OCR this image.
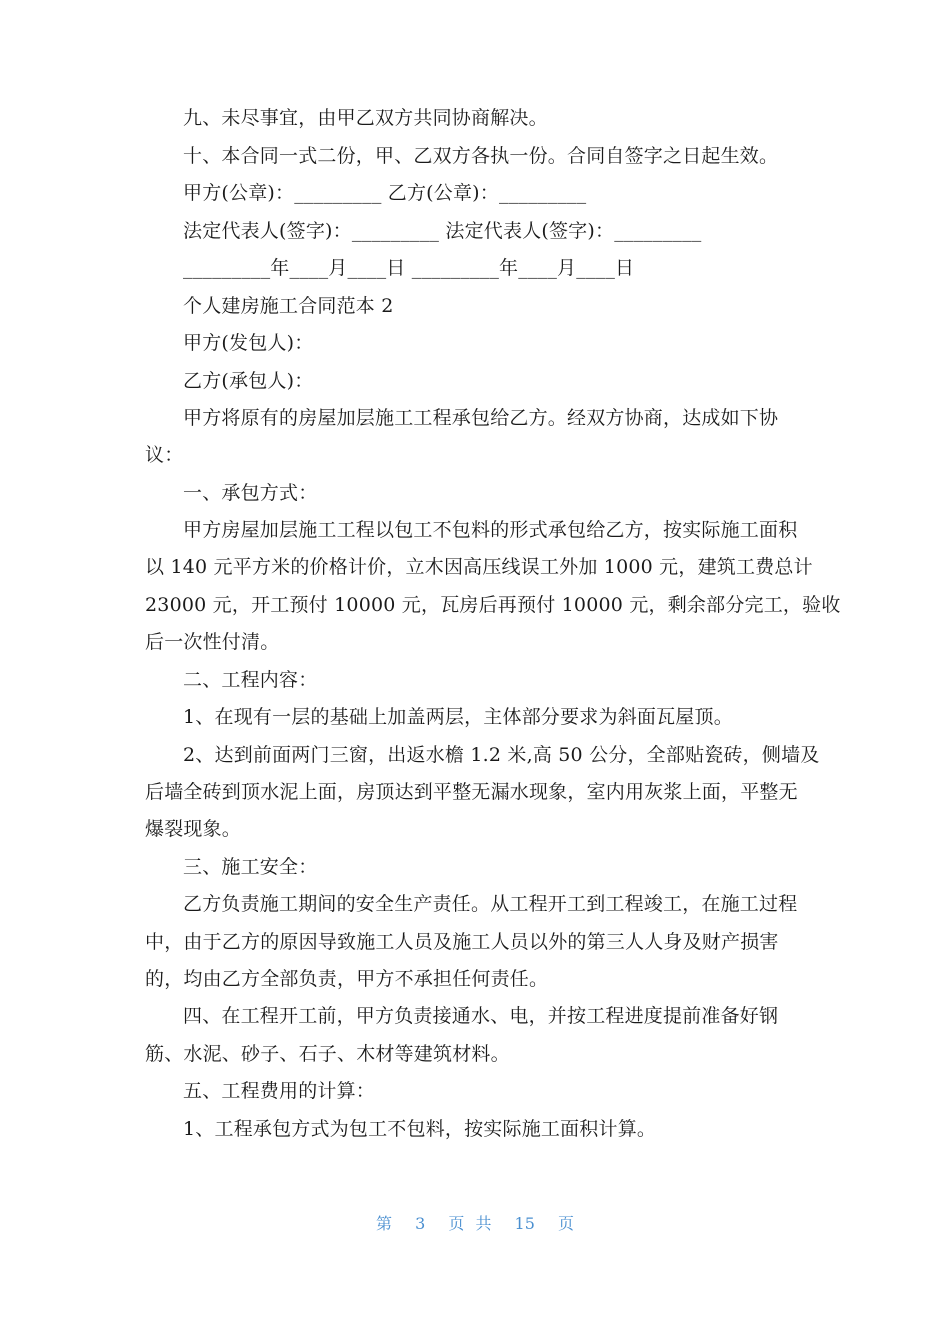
九、未尽事宜，由甲乙双方共同协商解决。
十、本合同一式二份，甲、乙双方各执一份。合同自签字之日起生效。
甲方(公章)：_________ 乙方(公章)：_________
法定代表人(签字)：_________ 法定代表人(签字)：_________
_________年____月____日 _________年____月____日
个人建房施工合同范本 2
甲方(发包人)：
乙方(承包人)：
甲方将原有的房屋加层施工工程承包给乙方。经双方协商，达成如下协
议：
一、承包方式：
甲方房屋加层施工工程以包工不包料的形式承包给乙方，按实际施工面积
以 140 元平方米的价格计价，立木因高压线误工外加 1000 元，建筑工费总计
23000 元，开工预付 10000 元，瓦房后再预付 10000 元，剩余部分完工，验收
后一次性付清。
二、工程内容：
1、在现有一层的基础上加盖两层，主体部分要求为斜面瓦屋顶。
2、达到前面两门三窗，出返水檐 1.2 米,高 50 公分，全部贴瓷砖，侧墙及
后墙全砖到顶水泥上面，房顶达到平整无漏水现象，室内用灰浆上面，平整无
爆裂现象。
三、施工安全：
乙方负责施工期间的安全生产责任。从工程开工到工程竣工，在施工过程
中，由于乙方的原因导致施工人员及施工人员以外的第三人人身及财产损害
的，均由乙方全部负责，甲方不承担任何责任。
四、在工程开工前，甲方负责接通水、电，并按工程进度提前准备好钢
筋、水泥、砂子、石子、木材等建筑材料。
五、工程费用的计算：
1、工程承包方式为包工不包料，按实际施工面积计算。
第 3 页 共 15 页
